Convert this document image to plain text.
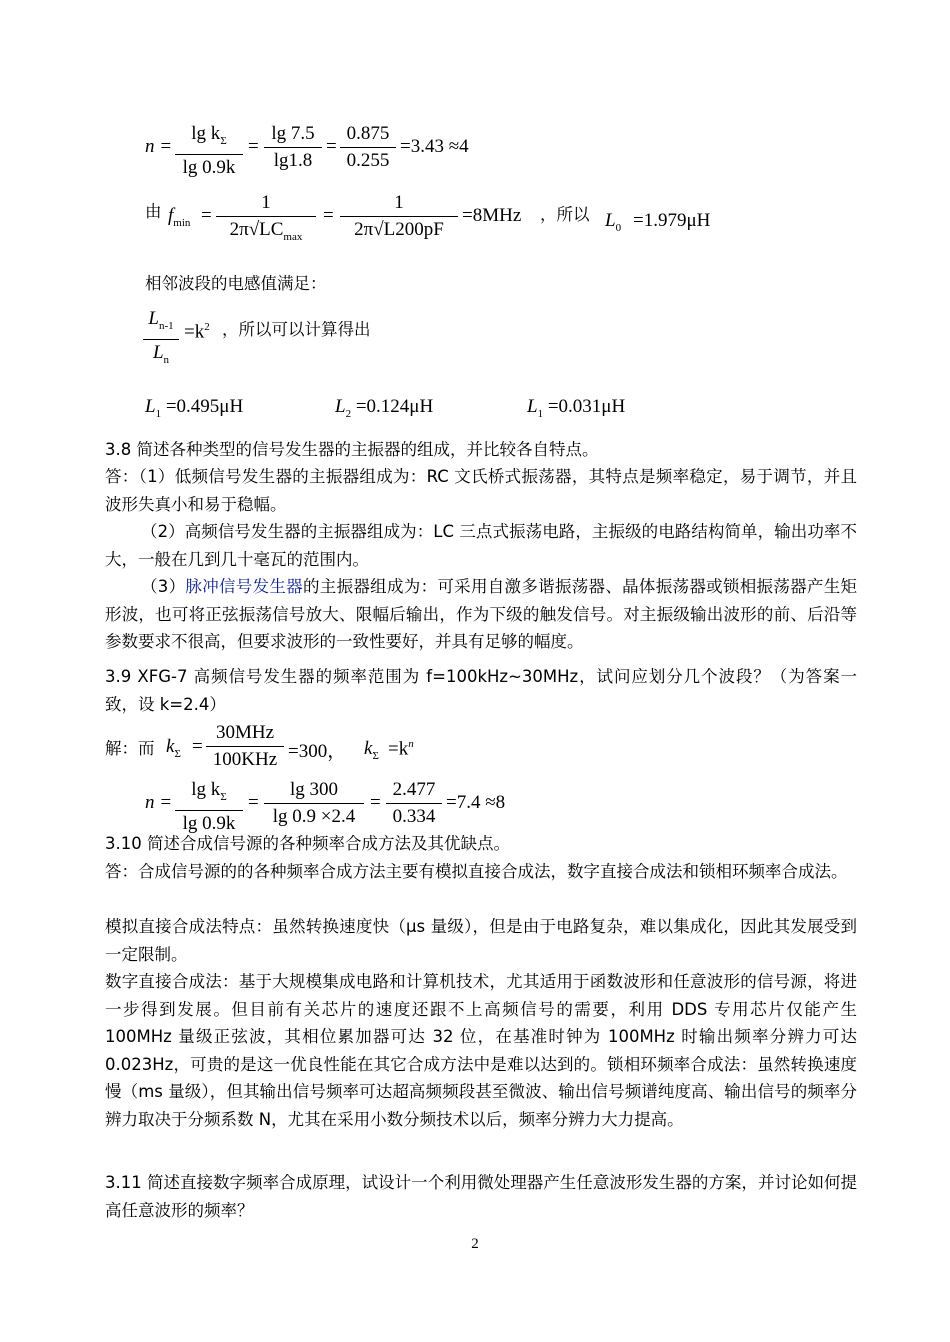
n =
$\lg k_\Sigma$
lg 0.9k
=
lg 7.5
lg1.8
=
0.875
0.255
=3.43 ≈4
由 $f_{min}$ =
1
$2\pi√LC_{max}$
=
1
2π√L200pF
=8MHz ，所以 $L_0 =1.979\mu H$
相邻波段的电感值满足：
$L_{n-1}$
$L_n$
$=k^2$ ，所以可以计算得出
$L_1 =0.495\mu H$	$L_2 =0.124\mu H$	$L_1 =0.031\mu H$
3.8 简述各种类型的信号发生器的主振器的组成，并比较各自特点。
答：（1）低频信号发生器的主振器组成为：RC 文氏桥式振荡器，其特点是频率稳定，易于调节，并且波形失真小和易于稳幅。
（2）高频信号发生器的主振器组成为：LC 三点式振荡电路，主振级的电路结构简单，输出功率不大，一般在几到几十毫瓦的范围内。
（3）脉冲信号发生器的主振器组成为：可采用自激多谐振荡器、晶体振荡器或锁相振荡器产生矩形波，也可将正弦振荡信号放大、限幅后输出，作为下级的触发信号。对主振级输出波形的前、后沿等参数要求不很高，但要求波形的一致性要好，并具有足够的幅度。
3.9 XFG-7 高频信号发生器的频率范围为 f=100kHz~30MHz，试问应划分几个波段？（为答案一致，设 k=2.4）
解：而 $k_\Sigma$ =
30MHz
100KHz =300， $k_\Sigma =k^n$
n =
$\lg k_\Sigma$
lg 0.9k
=
lg 300
lg 0.9 ×2.4
=
2.477
0.334
=7.4 ≈8
3.10 简述合成信号源的各种频率合成方法及其优缺点。
答：合成信号源的的各种频率合成方法主要有模拟直接合成法，数字直接合成法和锁相环频率合成法。
模拟直接合成法特点：虽然转换速度快（μs 量级），但是由于电路复杂，难以集成化，因此其发展受到一定限制。
数字直接合成法：基于大规模集成电路和计算机技术，尤其适用于函数波形和任意波形的信号源，将进一步得到发展。但目前有关芯片的速度还跟不上高频信号的需要，利用 DDS 专用芯片仅能产生 100MHz 量级正弦波，其相位累加器可达 32 位，在基准时钟为 100MHz 时输出频率分辨力可达 0.023Hz，可贵的是这一优良性能在其它合成方法中是难以达到的。锁相环频率合成法：虽然转换速度慢（ms 量级），但其输出信号频率可达超高频频段甚至微波、输出信号频谱纯度高、输出信号的频率分辨力取决于分频系数 N，尤其在采用小数分频技术以后，频率分辨力大力提高。
3.11 简述直接数字频率合成原理，试设计一个利用微处理器产生任意波形发生器的方案，并讨论如何提高任意波形的频率？
2
